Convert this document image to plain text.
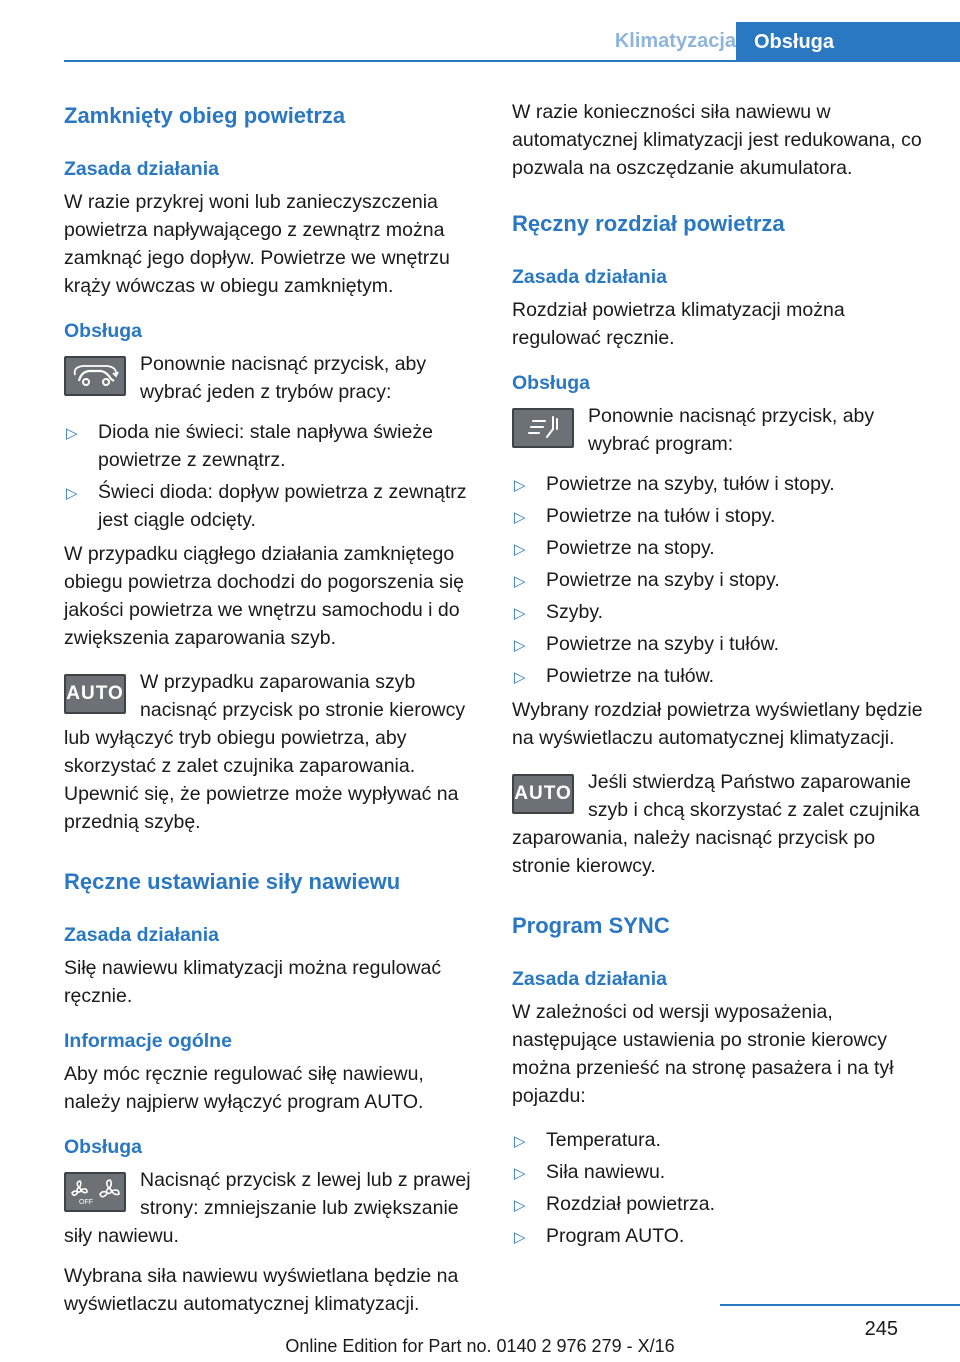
Klimatyzacja Obsługa
Zamknięty obieg powietrza
Zasada działania

W razie przykrej woni lub zanieczyszczenia powietrza napływającego z zewnątrz można zamknąć jego dopływ. Powietrze we wnętrzu krąży wówczas w obiegu zamkniętym.

Obsługa

Ponownie nacisnąć przycisk, aby wybrać jeden z trybów pracy:

▷ Dioda nie świeci: stale napływa świeże powietrze z zewnątrz.
▷ Świeci dioda: dopływ powietrza z zewnątrz jest ciągle odcięty.

W przypadku ciągłego działania zamkniętego obiegu powietrza dochodzi do pogorszenia się jakości powietrza we wnętrzu samochodu i do zwiększenia zaparowania szyb.

AUTO

W przypadku zaparowania szyb nacisnąć przycisk po stronie kierowcy lub wyłączyć tryb obiegu powietrza, aby skorzystać z zalet czujnika zaparowania. Upewnić się, że powietrze może wypływać na przednią szybę.

Ręczne ustawianie siły nawiewu
Zasada działania

Siłę nawiewu klimatyzacji można regulować ręcznie.

Informacje ogólne

Aby móc ręcznie regulować siłę nawiewu, należy najpierw wyłączyć program AUTO.

Obsługa
OFF

Nacisnąć przycisk z lewej lub z prawej strony: zmniejszanie lub zwiększanie siły nawiewu.

Wybrana siła nawiewu wyświetlana będzie na wyświetlaczu automatycznej klimatyzacji.

W razie konieczności siła nawiewu w automatycznej klimatyzacji jest redukowana, co pozwala na oszczędzanie akumulatora.

Ręczny rozdział powietrza
Zasada działania

Rozdział powietrza klimatyzacji można regulować ręcznie.

Obsługa

Ponownie nacisnąć przycisk, aby wybrać program:

▷ Powietrze na szyby, tułów i stopy.
▷ Powietrze na tułów i stopy.
▷ Powietrze na stopy.
▷ Powietrze na szyby i stopy.
▷ Szyby.
▷ Powietrze na szyby i tułów.
▷ Powietrze na tułów.

Wybrany rozdział powietrza wyświetlany będzie na wyświetlaczu automatycznej klimatyzacji.

AUTO

Jeśli stwierdzą Państwo zaparowanie szyb i chcą skorzystać z zalet czujnika zaparowania, należy nacisnąć przycisk po stronie kierowcy.

Program SYNC
Zasada działania

W zależności od wersji wyposażenia, następujące ustawienia po stronie kierowcy można przenieść na stronę pasażera i na tył pojazdu:

▷ Temperatura.
▷ Siła nawiewu.
▷ Rozdział powietrza.
▷ Program AUTO.
245
Online Edition for Part no. 0140 2 976 279 - X/16
